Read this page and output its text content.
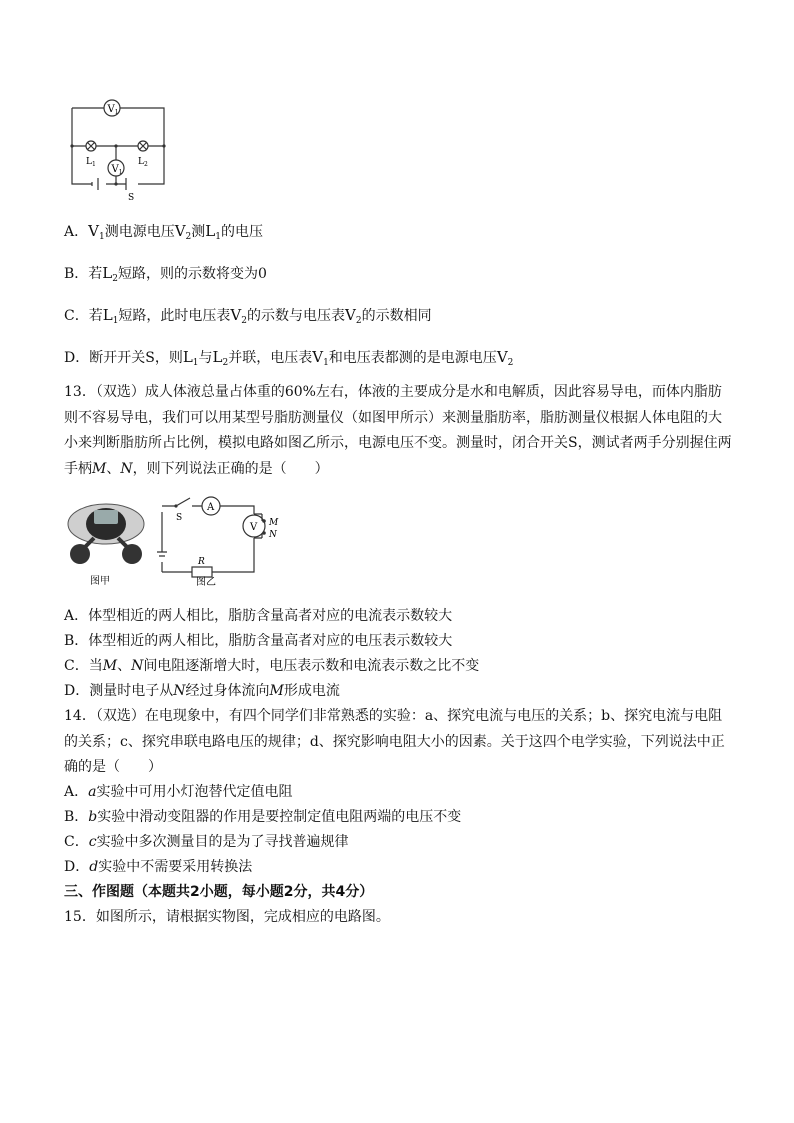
$V_1$
$V_1$
$L_1$	$L_2$
S
A．$V_1$测电源电压$V_2$测$L_1$的电压
B．若$L_2$短路，则的示数将变为0
C．若$L_1$短路，此时电压表$V_2$的示数与电压表$V_2$的示数相同
D．断开开关S，则$L_1$与$L_2$并联，电压表$V_1$和电压表都测的是电源电压$V_2$
13．（双选）成人体液总量占体重的60%左右，体液的主要成分是水和电解质，因此容易导电，而体内脂肪则不容易导电，我们可以用某型号脂肪测量仪（如图甲所示）来测量脂肪率，脂肪测量仪根据人体电阻的大小来判断脂肪所占比例，模拟电路如图乙所示，电源电压不变。测量时，闭合开关S，测试者两手分别握住两手柄M、N，则下列说法正确的是（　　）
图甲
S
A
V M
N
R
图乙
A．体型相近的两人相比，脂肪含量高者对应的电流表示数较大
B．体型相近的两人相比，脂肪含量高者对应的电压表示数较大
C．当M、N间电阻逐渐增大时，电压表示数和电流表示数之比不变
D．测量时电子从N经过身体流向M形成电流
14．（双选）在电现象中，有四个同学们非常熟悉的实验：a、探究电流与电压的关系；b、探究电流与电阻的关系；c、探究串联电路电压的规律；d、探究影响电阻大小的因素。关于这四个电学实验，下列说法中正确的是（　　）
A．a实验中可用小灯泡替代定值电阻
B．b实验中滑动变阻器的作用是要控制定值电阻两端的电压不变
C．c实验中多次测量目的是为了寻找普遍规律
D．d实验中不需要采用转换法
三、作图题（本题共2小题，每小题2分，共4分）
15．如图所示，请根据实物图，完成相应的电路图。
